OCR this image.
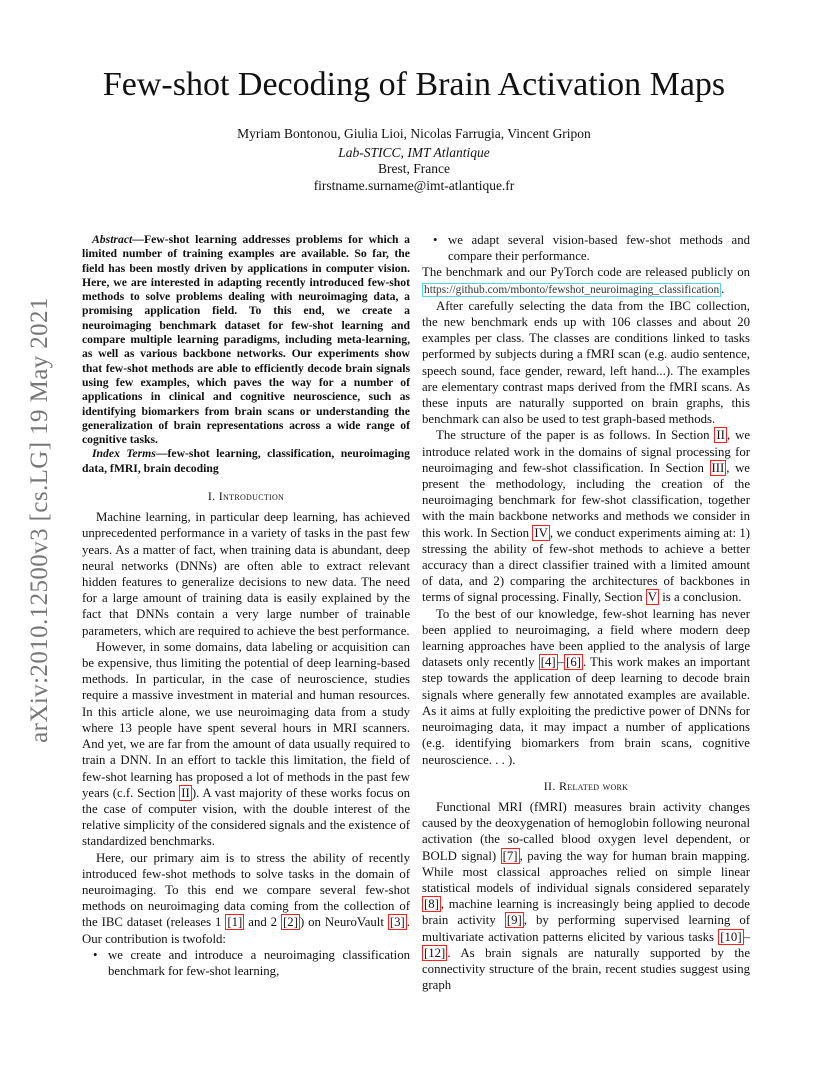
arXiv:2010.12500v3 [cs.LG] 19 May 2021
Few-shot Decoding of Brain Activation Maps
Myriam Bontonou, Giulia Lioi, Nicolas Farrugia, Vincent Gripon
Lab-STICC, IMT Atlantique
Brest, France
firstname.surname@imt-atlantique.fr

Abstract—Few-shot learning addresses problems for which a limited number of training examples are available. So far, the field has been mostly driven by applications in computer vision. Here, we are interested in adapting recently introduced few-shot methods to solve problems dealing with neuroimaging data, a promising application field. To this end, we create a neuroimaging benchmark dataset for few-shot learning and compare multiple learning paradigms, including meta-learning, as well as various backbone networks. Our experiments show that few-shot methods are able to efficiently decode brain signals using few examples, which paves the way for a number of applications in clinical and cognitive neuroscience, such as identifying biomarkers from brain scans or understanding the generalization of brain representations across a wide range of cognitive tasks.

Index Terms—few-shot learning, classification, neuroimaging data, fMRI, brain decoding

I. Introduction

Machine learning, in particular deep learning, has achieved unprecedented performance in a variety of tasks in the past few years. As a matter of fact, when training data is abundant, deep neural networks (DNNs) are often able to extract relevant hidden features to generalize decisions to new data. The need for a large amount of training data is easily explained by the fact that DNNs contain a very large number of trainable parameters, which are required to achieve the best performance.

However, in some domains, data labeling or acquisition can be expensive, thus limiting the potential of deep learning-based methods. In particular, in the case of neuroscience, studies require a massive investment in material and human resources. In this article alone, we use neuroimaging data from a study where 13 people have spent several hours in MRI scanners. And yet, we are far from the amount of data usually required to train a DNN. In an effort to tackle this limitation, the field of few-shot learning has proposed a lot of methods in the past few years (c.f. Section II ). A vast majority of these works focus on the case of computer vision, with the double interest of the relative simplicity of the considered signals and the existence of standardized benchmarks.

Here, our primary aim is to stress the ability of recently introduced few-shot methods to solve tasks in the domain of neuroimaging. To this end we compare several few-shot methods on neuroimaging data coming from the collection of the IBC dataset (releases 1 [1] and 2 [2] ) on NeuroVault [3] . Our contribution is twofold:

• we create and introduce a neuroimaging classification benchmark for few-shot learning,
• we adapt several vision-based few-shot methods and compare their performance.

The benchmark and our PyTorch code are released publicly on https://github.com/mbonto/fewshot_neuroimaging_classification .

After carefully selecting the data from the IBC collection, the new benchmark ends up with 106 classes and about 20 examples per class. The classes are conditions linked to tasks performed by subjects during a fMRI scan (e.g. audio sentence, speech sound, face gender, reward, left hand...). The examples are elementary contrast maps derived from the fMRI scans. As these inputs are naturally supported on brain graphs, this benchmark can also be used to test graph-based methods.

The structure of the paper is as follows. In Section II , we introduce related work in the domains of signal processing for neuroimaging and few-shot classification. In Section III , we present the methodology, including the creation of the neuroimaging benchmark for few-shot classification, together with the main backbone networks and methods we consider in this work. In Section IV , we conduct experiments aiming at: 1) stressing the ability of few-shot methods to achieve a better accuracy than a direct classifier trained with a limited amount of data, and 2) comparing the architectures of backbones in terms of signal processing. Finally, Section V is a conclusion.

To the best of our knowledge, few-shot learning has never been applied to neuroimaging, a field where modern deep learning approaches have been applied to the analysis of large datasets only recently [4] – [6] . This work makes an important step towards the application of deep learning to decode brain signals where generally few annotated examples are available. As it aims at fully exploiting the predictive power of DNNs for neuroimaging data, it may impact a number of applications (e.g. identifying biomarkers from brain scans, cognitive neuroscience. . . ).

II. Related work

Functional MRI (fMRI) measures brain activity changes caused by the deoxygenation of hemoglobin following neuronal activation (the so-called blood oxygen level dependent, or BOLD signal) [7] , paving the way for human brain mapping. While most classical approaches relied on simple linear statistical models of individual signals considered separately [8] , machine learning is increasingly being applied to decode brain activity [9] , by performing supervised learning of multivariate activation patterns elicited by various tasks [10] –[12] . As brain signals are naturally supported by the connectivity structure of the brain, recent studies suggest using graph
